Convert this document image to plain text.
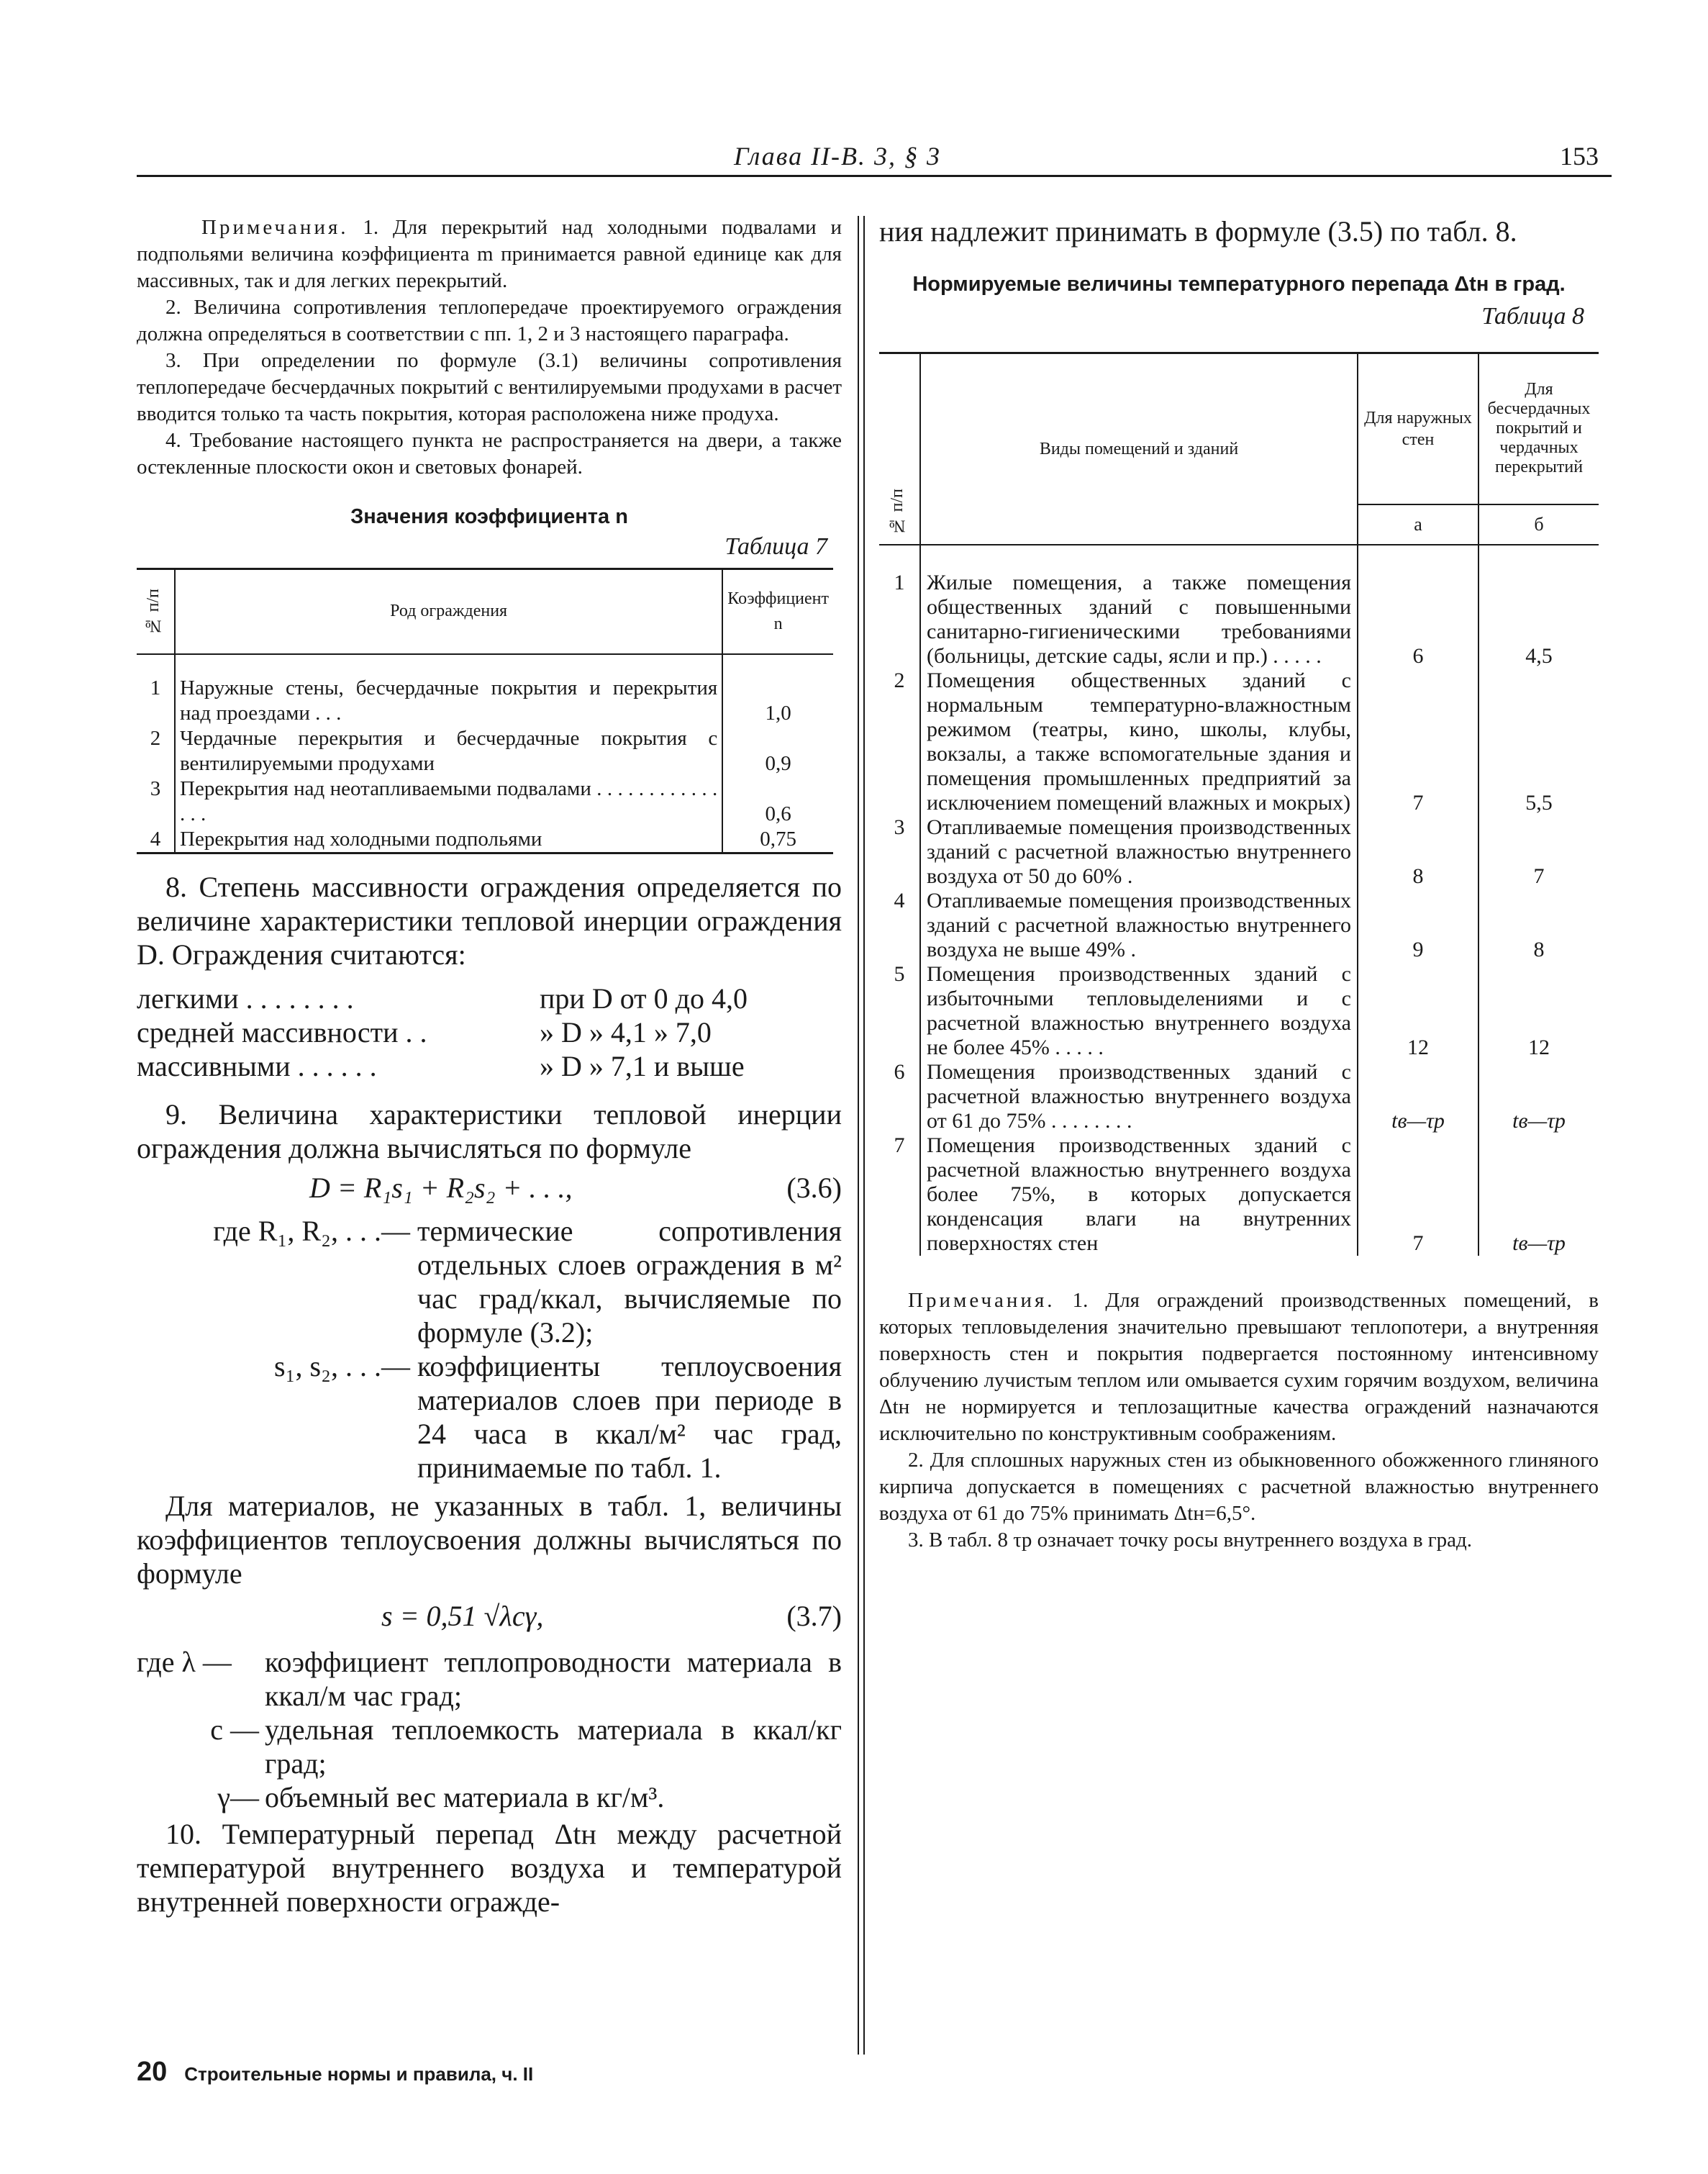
Глава II-В. 3, § 3	153

Примечания. 1. Для перекрытий над холодными подвалами и подпольями величина коэффициента m принимается равной единице как для массивных, так и для легких перекрытий.

2. Величина сопротивления теплопередаче проектируемого ограждения должна определяться в соответствии с пп. 1, 2 и 3 настоящего параграфа.

3. При определении по формуле (3.1) величины сопротивления теплопередаче бесчердачных покрытий с вентилируемыми продухами в расчет вводится только та часть покрытия, которая расположена ниже продуха.

4. Требование настоящего пункта не распространяется на двери, а также остекленные плоскости окон и световых фонарей.

Значения коэффициента n
Таблица 7
№ п/п	Род ограждения	Коэффициент n

1	Наружные стены, бесчердачные покрытия и перекрытия над проездами . . .	1,0
2	Чердачные перекрытия и бесчердачные покрытия с вентилируемыми продухами	0,9
3	Перекрытия над неотапливаемыми подвалами . . . . . . . . . . . . . . .	0,6
4	Перекрытия над холодными подпольями	0,75

8. Степень массивности ограждения определяется по величине характеристики тепловой инерции ограждения D. Ограждения считаются:

легкими . . . . . . . .	при D от 0 до 4,0
средней массивности . .	» D » 4,1 » 7,0
массивными . . . . . .	» D » 7,1 и выше

9. Величина характеристики тепловой инерции ограждения должна вычисляться по формуле

D = R₁s₁ + R₂s₂ + . . .,	(3.6)
где R₁, R₂, . . .— термические сопротивления отдельных слоев ограждения в м² час град/ккал, вычисляемые по формуле (3.2);
s₁, s₂, . . .— коэффициенты теплоусвоения материалов слоев при периоде в 24 часа в ккал/м² час град, принимаемые по табл. 1.

Для материалов, не указанных в табл. 1, величины коэффициентов теплоусвоения должны вычисляться по формуле

s = 0,51 √λcγ,	(3.7)
где λ —	коэффициент теплопроводности материала в ккал/м час град;
c — удельная теплоемкость материала в ккал/кг град;
γ— объемный вес материала в кг/м³.

10. Температурный перепад Δtн между расчетной температурой внутреннего воздуха и температурой внутренней поверхности огражде-

ния надлежит принимать в формуле (3.5) по табл. 8.

Нормируемые величины температурного перепада Δtн в град.
Таблица 8
№ п/п	Виды помещений и зданий	Для наружных стен	Для бесчердачных покрытий и чердачных перекрытий
		а	б

1	Жилые помещения, а также помещения общественных зданий с повышенными санитарно-гигиеническими требованиями (больницы, детские сады, ясли и пр.) . . . . .	6	4,5
2	Помещения общественных зданий с нормальным температурно-влажностным режимом (театры, кино, школы, клубы, вокзалы, а также вспомогательные здания и помещения промышленных предприятий за исключением помещений влажных и мокрых)	7	5,5
3	Отапливаемые помещения производственных зданий с расчетной влажностью внутреннего воздуха от 50 до 60% .	8	7
4	Отапливаемые помещения производственных зданий с расчетной влажностью внутреннего воздуха не выше 49% .	9	8
5	Помещения производственных зданий с избыточными тепловыделениями и с расчетной влажностью внутреннего воздуха не более 45% . . . . .	12	12
6	Помещения производственных зданий с расчетной влажностью внутреннего воздуха от 61 до 75% . . . . . . . .	tв—τр	tв—τр
7	Помещения производственных зданий с расчетной влажностью внутреннего воздуха более 75%, в которых допускается конденсация влаги на внутренних поверхностях стен	7	tв—τр

Примечания. 1. Для ограждений производственных помещений, в которых тепловыделения значительно превышают теплопотери, а внутренняя поверхность стен и покрытия подвергается постоянному интенсивному облучению лучистым теплом или омывается сухим горячим воздухом, величина Δtн не нормируется и теплозащитные качества ограждений назначаются исключительно по конструктивным соображениям.

2. Для сплошных наружных стен из обыкновенного обожженного глиняного кирпича допускается в помещениях с расчетной влажностью внутреннего воздуха от 61 до 75% принимать Δtн=6,5°.

3. В табл. 8 τр означает точку росы внутреннего воздуха в град.

20 Строительные нормы и правила, ч. II
